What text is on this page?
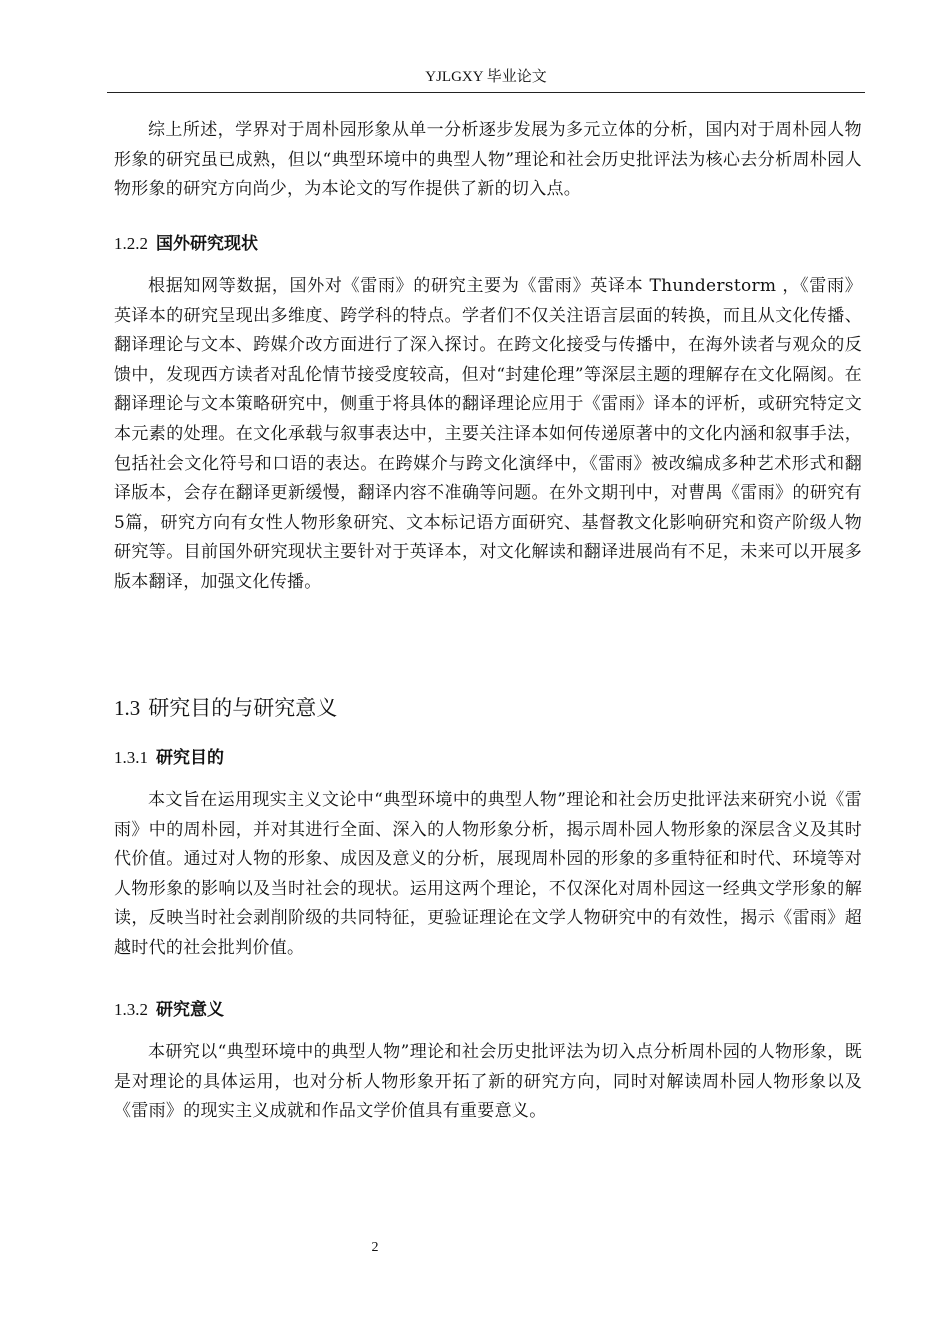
YJLGXY 毕业论文

综上所述，学界对于周朴园形象从单一分析逐步发展为多元立体的分析，国内对于周朴园人物形象的研究虽已成熟，但以“典型环境中的典型人物”理论和社会历史批评法为核心去分析周朴园人物形象的研究方向尚少，为本论文的写作提供了新的切入点。

1.2.2 国外研究现状

根据知网等数据，国外对《雷雨》的研究主要为《雷雨》英译本 Thunderstorm ，《雷雨》英译本的研究呈现出多维度、跨学科的特点。学者们不仅关注语言层面的转换，而且从文化传播、翻译理论与文本、跨媒介改方面进行了深入探讨。在跨文化接受与传播中，在海外读者与观众的反馈中，发现西方读者对乱伦情节接受度较高，但对“封建伦理”等深层主题的理解存在文化隔阂。在翻译理论与文本策略研究中，侧重于将具体的翻译理论应用于《雷雨》译本的评析，或研究特定文本元素的处理。在文化承载与叙事表达中，主要关注译本如何传递原著中的文化内涵和叙事手法，包括社会文化符号和口语的表达。在跨媒介与跨文化演绎中，《雷雨》被改编成多种艺术形式和翻译版本，会存在翻译更新缓慢，翻译内容不准确等问题。在外文期刊中，对曹禺《雷雨》的研究有5篇，研究方向有女性人物形象研究、文本标记语方面研究、基督教文化影响研究和资产阶级人物研究等。目前国外研究现状主要针对于英译本，对文化解读和翻译进展尚有不足，未来可以开展多版本翻译，加强文化传播。

1.3 研究目的与研究意义
1.3.1 研究目的

本文旨在运用现实主义文论中“典型环境中的典型人物”理论和社会历史批评法来研究小说《雷雨》中的周朴园，并对其进行全面、深入的人物形象分析，揭示周朴园人物形象的深层含义及其时代价值。通过对人物的形象、成因及意义的分析，展现周朴园的形象的多重特征和时代、环境等对人物形象的影响以及当时社会的现状。运用这两个理论，不仅深化对周朴园这一经典文学形象的解读，反映当时社会剥削阶级的共同特征，更验证理论在文学人物研究中的有效性，揭示《雷雨》超越时代的社会批判价值。

1.3.2 研究意义

本研究以“典型环境中的典型人物”理论和社会历史批评法为切入点分析周朴园的人物形象，既是对理论的具体运用，也对分析人物形象开拓了新的研究方向，同时对解读周朴园人物形象以及《雷雨》的现实主义成就和作品文学价值具有重要意义。

2
